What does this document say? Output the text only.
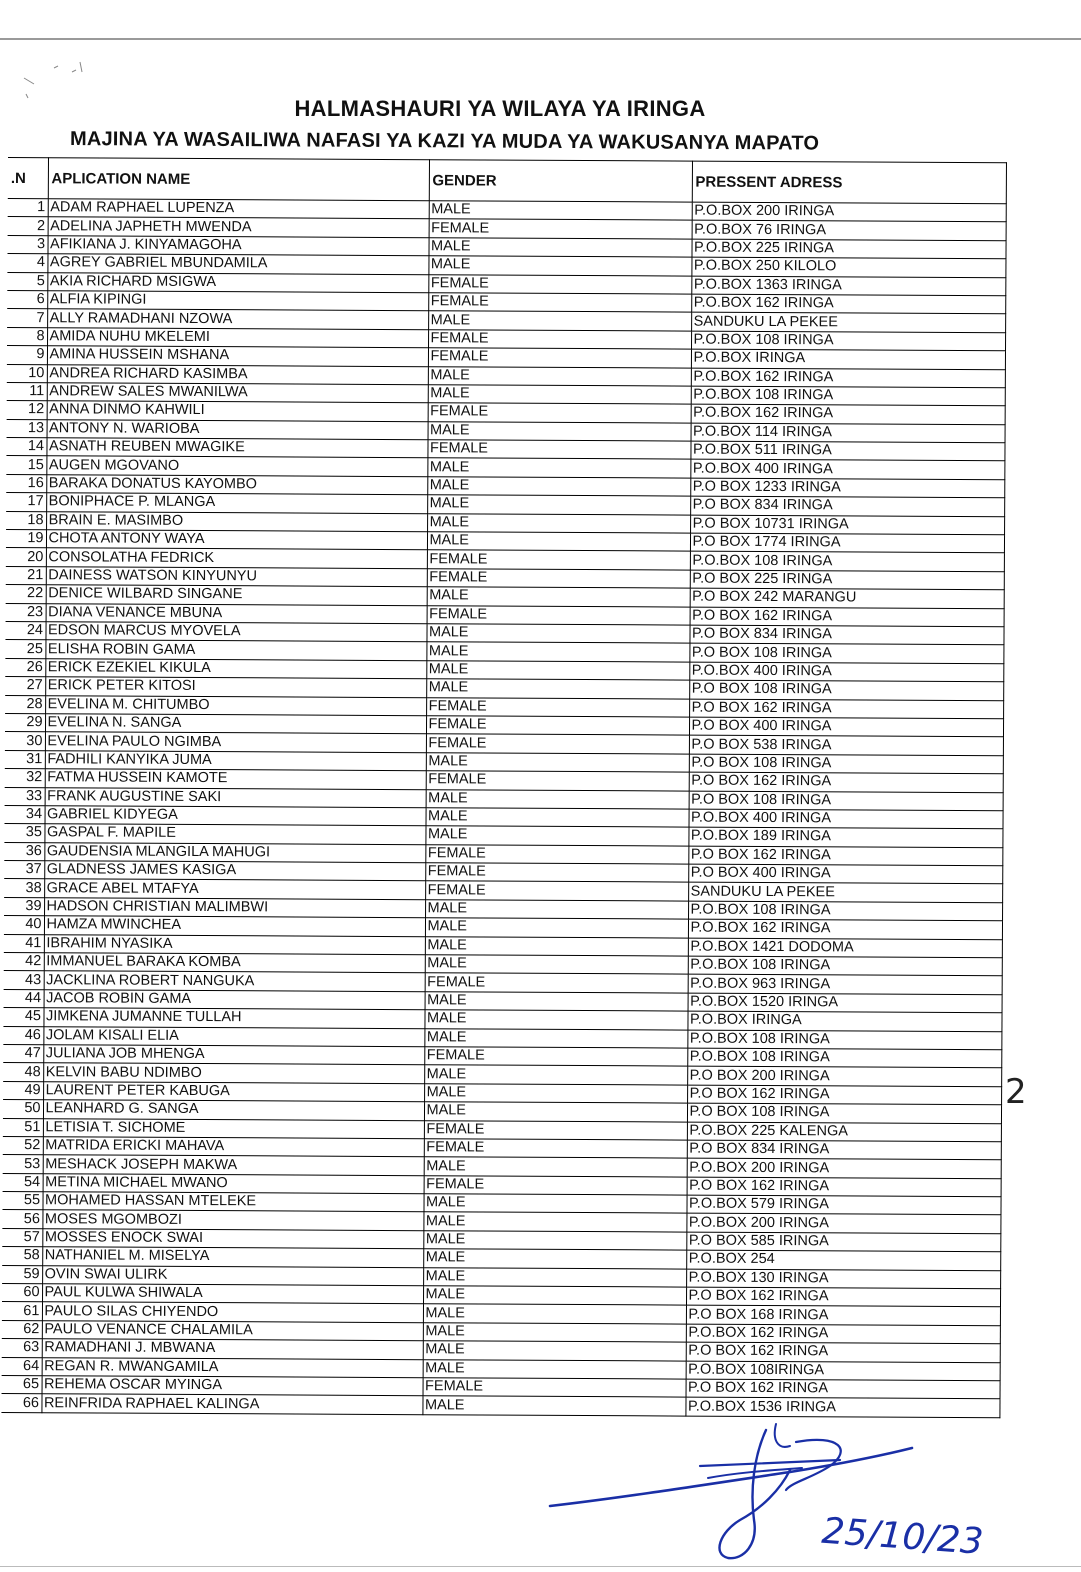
HALMASHAURI YA WILAYA YA IRINGA
MAJINA YA WASAILIWA NAFASI YA KAZI YA MUDA YA WAKUSANYA MAPATO
.N	APLICATION NAME	GENDER	PRESSENT ADRESS
1	ADAM RAPHAEL LUPENZA	MALE	P.O.BOX 200 IRINGA
2	ADELINA JAPHETH MWENDA	FEMALE	P.O.BOX 76 IRINGA
3	AFIKIANA J. KINYAMAGOHA	MALE	P.O.BOX 225 IRINGA
4	AGREY GABRIEL MBUNDAMILA	MALE	P.O.BOX 250 KILOLO
5	AKIA RICHARD MSIGWA	FEMALE	P.O.BOX 1363 IRINGA
6	ALFIA KIPINGI	FEMALE	P.O.BOX 162 IRINGA
7	ALLY RAMADHANI NZOWA	MALE	SANDUKU LA PEKEE
8	AMIDA NUHU MKELEMI	FEMALE	P.O.BOX 108 IRINGA
9	AMINA HUSSEIN MSHANA	FEMALE	P.O.BOX IRINGA
10	ANDREA RICHARD KASIMBA	MALE	P.O.BOX 162 IRINGA
11	ANDREW SALES MWANILWA	MALE	P.O.BOX 108 IRINGA
12	ANNA DINMO KAHWILI	FEMALE	P.O.BOX 162 IRINGA
13	ANTONY N. WARIOBA	MALE	P.O.BOX 114 IRINGA
14	ASNATH REUBEN MWAGIKE	FEMALE	P.O.BOX 511 IRINGA
15	AUGEN MGOVANO	MALE	P.O.BOX 400 IRINGA
16	BARAKA DONATUS KAYOMBO	MALE	P.O BOX 1233 IRINGA
17	BONIPHACE P. MLANGA	MALE	P.O BOX 834 IRINGA
18	BRAIN E. MASIMBO	MALE	P.O BOX 10731 IRINGA
19	CHOTA ANTONY WAYA	MALE	P.O BOX 1774 IRINGA
20	CONSOLATHA FEDRICK	FEMALE	P.O.BOX 108 IRINGA
21	DAINESS WATSON KINYUNYU	FEMALE	P.O BOX 225 IRINGA
22	DENICE WILBARD SINGANE	MALE	P.O BOX 242 MARANGU
23	DIANA VENANCE MBUNA	FEMALE	P.O BOX 162 IRINGA
24	EDSON MARCUS MYOVELA	MALE	P.O BOX 834 IRINGA
25	ELISHA ROBIN GAMA	MALE	P.O BOX 108 IRINGA
26	ERICK EZEKIEL KIKULA	MALE	P.O.BOX 400 IRINGA
27	ERICK PETER KITOSI	MALE	P.O BOX 108 IRINGA
28	EVELINA M. CHITUMBO	FEMALE	P.O BOX 162 IRINGA
29	EVELINA N. SANGA	FEMALE	P.O BOX 400 IRINGA
30	EVELINA PAULO NGIMBA	FEMALE	P.O BOX 538 IRINGA
31	FADHILI KANYIKA JUMA	MALE	P.O BOX 108 IRINGA
32	FATMA HUSSEIN KAMOTE	FEMALE	P.O BOX 162 IRINGA
33	FRANK AUGUSTINE SAKI	MALE	P.O BOX 108 IRINGA
34	GABRIEL KIDYEGA	MALE	P.O.BOX 400 IRINGA
35	GASPAL F. MAPILE	MALE	P.O.BOX 189 IRINGA
36	GAUDENSIA MLANGILA MAHUGI	FEMALE	P.O BOX 162 IRINGA
37	GLADNESS JAMES KASIGA	FEMALE	P.O BOX 400 IRINGA
38	GRACE ABEL MTAFYA	FEMALE	SANDUKU LA PEKEE
39	HADSON CHRISTIAN MALIMBWI	MALE	P.O.BOX 108 IRINGA
40	HAMZA MWINCHEA	MALE	P.O.BOX 162 IRINGA
41	IBRAHIM NYASIKA	MALE	P.O.BOX 1421 DODOMA
42	IMMANUEL BARAKA KOMBA	MALE	P.O.BOX 108 IRINGA
43	JACKLINA ROBERT NANGUKA	FEMALE	P.O.BOX 963 IRINGA
44	JACOB ROBIN GAMA	MALE	P.O.BOX 1520 IRINGA
45	JIMKENA JUMANNE TULLAH	MALE	P.O.BOX IRINGA
46	JOLAM KISALI ELIA	MALE	P.O.BOX 108 IRINGA
47	JULIANA JOB MHENGA	FEMALE	P.O.BOX 108 IRINGA
48	KELVIN BABU NDIMBO	MALE	P.O BOX 200 IRINGA
49	LAURENT PETER KABUGA	MALE	P.O BOX 162 IRINGA
50	LEANHARD G. SANGA	MALE	P.O BOX 108 IRINGA
51	LETISIA T. SICHOME	FEMALE	P.O.BOX 225 KALENGA
52	MATRIDA ERICKI MAHAVA	FEMALE	P.O BOX 834 IRINGA
53	MESHACK JOSEPH MAKWA	MALE	P.O.BOX 200 IRINGA
54	METINA MICHAEL MWANO	FEMALE	P.O BOX 162 IRINGA
55	MOHAMED HASSAN MTELEKE	MALE	P.O.BOX 579 IRINGA
56	MOSES MGOMBOZI	MALE	P.O.BOX 200 IRINGA
57	MOSSES ENOCK SWAI	MALE	P.O BOX 585 IRINGA
58	NATHANIEL M. MISELYA	MALE	P.O.BOX 254
59	OVIN SWAI ULIRK	MALE	P.O.BOX 130 IRINGA
60	PAUL KULWA SHIWALA	MALE	P.O BOX 162 IRINGA
61	PAULO SILAS CHIYENDO	MALE	P.O BOX 168 IRINGA
62	PAULO VENANCE CHALAMILA	MALE	P.O.BOX 162 IRINGA
63	RAMADHANI J. MBWANA	MALE	P.O BOX 162 IRINGA
64	REGAN R. MWANGAMILA	MALE	P.O.BOX 108IRINGA
65	REHEMA OSCAR MYINGA	FEMALE	P.O BOX 162 IRINGA
66	REINFRIDA RAPHAEL KALINGA	MALE	P.O.BOX 1536 IRINGA
2
25/10/23
